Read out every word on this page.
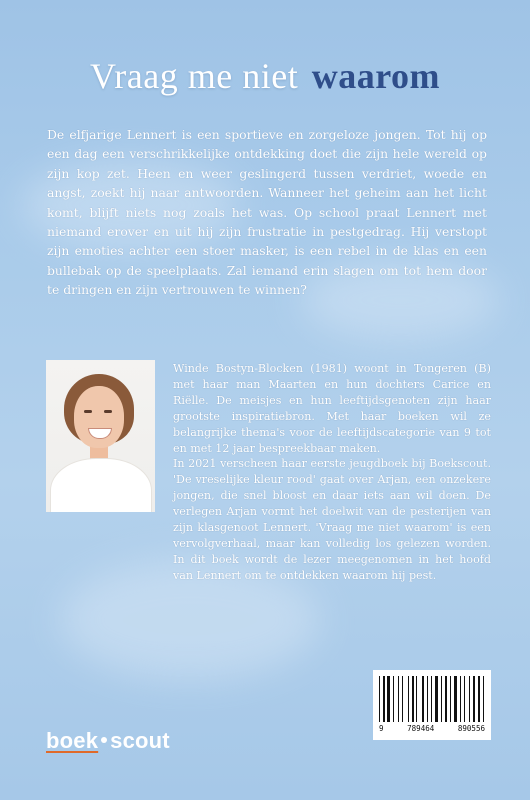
Vraag me niet waarom
De elfjarige Lennert is een sportieve en zorgeloze jongen. Tot hij op een dag een verschrikkelijke ontdekking doet die zijn hele wereld op zijn kop zet. Heen en weer geslingerd tussen verdriet, woede en angst, zoekt hij naar antwoorden. Wanneer het geheim aan het licht komt, blijft niets nog zoals het was. Op school praat Lennert met niemand erover en uit hij zijn frustratie in pestgedrag. Hij verstopt zijn emoties achter een stoer masker, is een rebel in de klas en een bullebak op de speelplaats. Zal iemand erin slagen om tot hem door te dringen en zijn vertrouwen te winnen?

Winde Bostyn-Blocken (1981) woont in Tongeren (B) met haar man Maarten en hun dochters Carice en Riëlle. De meisjes en hun leeftijdsgenoten zijn haar grootste inspiratiebron. Met haar boeken wil ze belangrijke thema's voor de leeftijdscategorie van 9 tot en met 12 jaar bespreekbaar maken.

In 2021 verscheen haar eerste jeugdboek bij Boekscout. 'De vreselijke kleur rood' gaat over Arjan, een onzekere jongen, die snel bloost en daar iets aan wil doen. De verlegen Arjan vormt het doelwit van de pesterijen van zijn klasgenoot Lennert. 'Vraag me niet waarom' is een vervolgverhaal, maar kan volledig los gelezen worden. In dit boek wordt de lezer meegenomen in het hoofd van Lennert om te ontdekken waarom hij pest.

9	789464	890556
boek scout
